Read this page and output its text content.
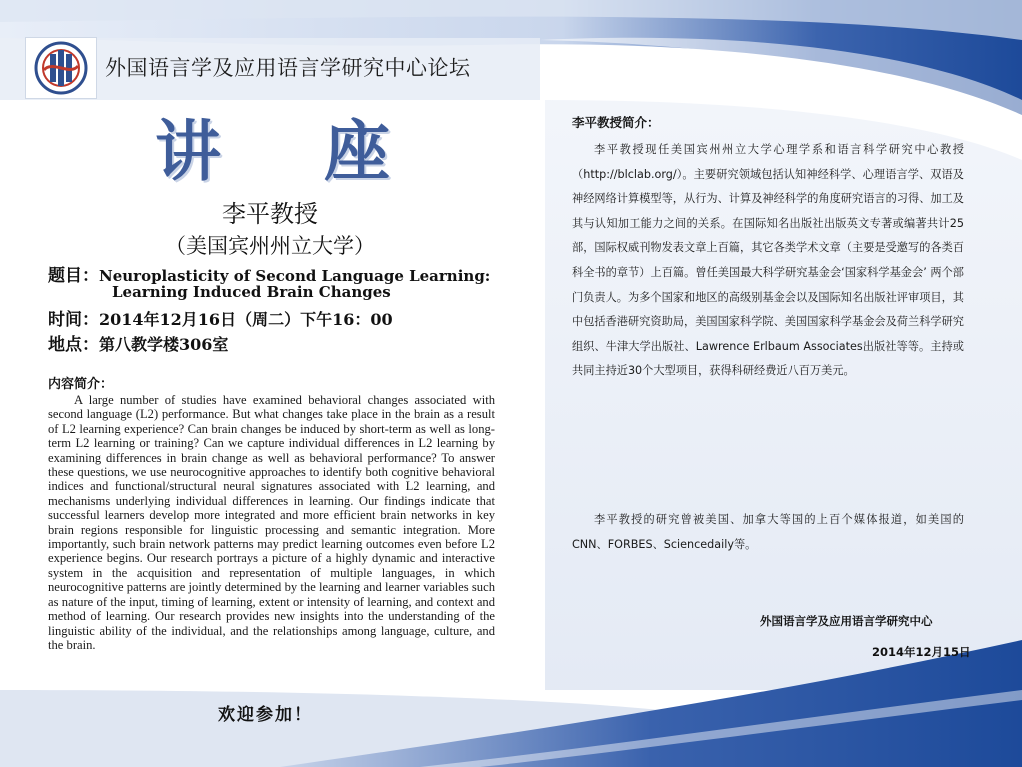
外国语言学及应用语言学研究中心论坛
讲 座
李平教授
（美国宾州州立大学）
题目：Neuroplasticity of Second Language Learning:
Learning Induced Brain Changes
时间：2014年12月16日（周二）下午16：00
地点：第八教学楼306室
内容简介：

A large number of studies have examined behavioral changes associated with second language (L2) performance. But what changes take place in the brain as a result of L2 learning experience? Can brain changes be induced by short-term as well as long-term L2 learning or training? Can we capture individual differences in L2 learning by examining differences in brain change as well as behavioral performance? To answer these questions, we use neurocognitive approaches to identify both cognitive behavioral indices and functional/structural neural signatures associated with L2 learning, and mechanisms underlying individual differences in learning. Our findings indicate that successful learners develop more integrated and more efficient brain networks in key brain regions responsible for linguistic processing and semantic integration. More importantly, such brain network patterns may predict learning outcomes even before L2 experience begins. Our research portrays a picture of a highly dynamic and interactive system in the acquisition and representation of multiple languages, in which neurocognitive patterns are jointly determined by the learning and learner variables such as nature of the input, timing of learning, extent or intensity of learning, and context and method of learning. Our research provides new insights into the understanding of the linguistic ability of the individual, and the relationships among language, culture, and the brain.

欢迎参加！
李平教授简介：

李平教授现任美国宾州州立大学心理学系和语言科学研究中心教授（http://blclab.org/）。主要研究领域包括认知神经科学、心理语言学、双语及神经网络计算模型等，从行为、计算及神经科学的角度研究语言的习得、加工及其与认知加工能力之间的关系。在国际知名出版社出版英文专著或编著共计25部，国际权威刊物发表文章上百篇，其它各类学术文章（主要是受邀写的各类百科全书的章节）上百篇。曾任美国最大科学研究基金会‘国家科学基金会’ 两个部门负责人。为多个国家和地区的高级别基金会以及国际知名出版社评审项目，其中包括香港研究资助局，美国国家科学院、美国国家科学基金会及荷兰科学研究组织、牛津大学出版社、Lawrence Erlbaum Associates出版社等等。主持或共同主持近30个大型项目，获得科研经费近八百万美元。

李平教授的研究曾被美国、加拿大等国的上百个媒体报道，如美国的CNN、FORBES、Sciencedaily等。

外国语言学及应用语言学研究中心
2014年12月15日
